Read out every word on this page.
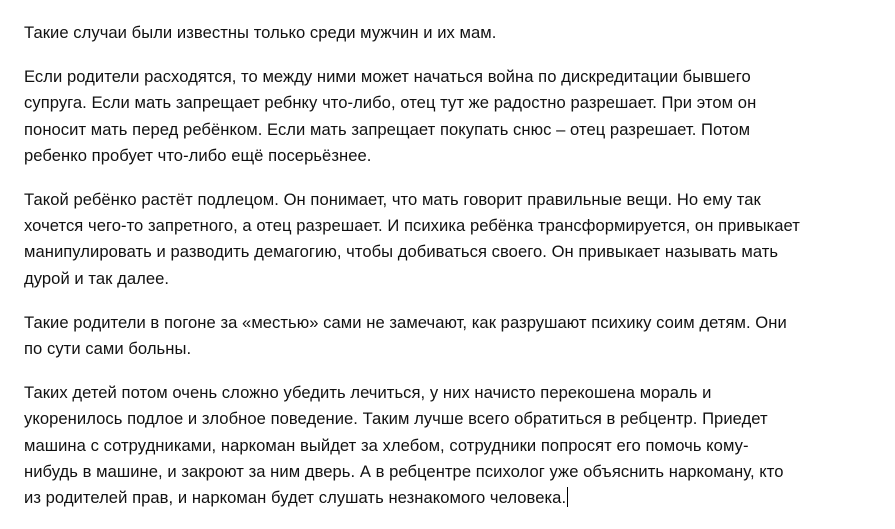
Такие случаи были известны только среди мужчин и их мам.

Если родители расходятся, то между ними может начаться война по дискредитации бывшего
супруга. Если мать запрещает ребнку что-либо, отец тут же радостно разрешает. При этом он
поносит мать перед ребёнком. Если мать запрещает покупать снюс – отец разрешает. Потом
ребенко пробует что-либо ещё посерьёзнее.

Такой ребёнко растёт подлецом. Он понимает, что мать говорит правильные вещи. Но ему так
хочется чего-то запретного, а отец разрешает. И психика ребёнка трансформируется, он привыкает
манипулировать и разводить демагогию, чтобы добиваться своего. Он привыкает называть мать
дурой и так далее.

Такие родители в погоне за «местью» сами не замечают, как разрушают психику соим детям. Они
по сути сами больны.

Таких детей потом очень сложно убедить лечиться, у них начисто перекошена мораль и
укоренилось подлое и злобное поведение. Таким лучше всего обратиться в ребцентр. Приедет
машина с сотрудниками, наркоман выйдет за хлебом, сотрудники попросят его помочь кому-
нибудь в машине, и закроют за ним дверь. А в ребцентре психолог уже объяснить наркоману, кто
из родителей прав, и наркоман будет слушать незнакомого человека.
